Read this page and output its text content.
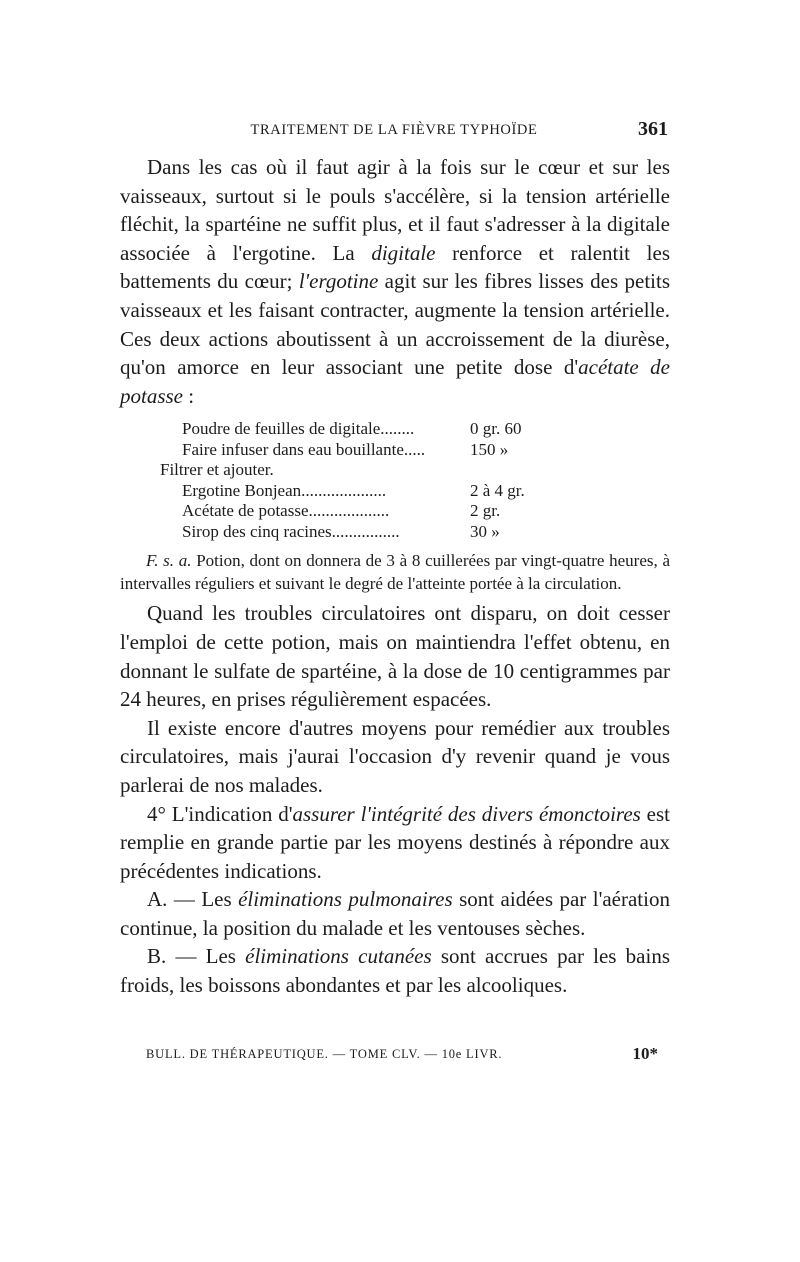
TRAITEMENT DE LA FIÈVRE TYPHOÏDE	361

Dans les cas où il faut agir à la fois sur le cœur et sur les vaisseaux, surtout si le pouls s'accélère, si la tension artérielle fléchit, la spartéine ne suffit plus, et il faut s'adresser à la digitale associée à l'ergotine. La digitale renforce et ralentit les battements du cœur; l'ergotine agit sur les fibres lisses des petits vaisseaux et les faisant contracter, augmente la tension artérielle. Ces deux actions aboutissent à un accroissement de la diurèse, qu'on amorce en leur associant une petite dose d'acétate de potasse :

Poudre de feuilles de digitale........	0 gr. 60
Faire infuser dans eau bouillante.....	150 »
Filtrer et ajouter.
Ergotine Bonjean....................	2 à 4 gr.
Acétate de potasse...................	2 gr.
Sirop des cinq racines................	30 »

F. s. a. Potion, dont on donnera de 3 à 8 cuillerées par vingt-quatre heures, à intervalles réguliers et suivant le degré de l'atteinte portée à la circulation.

Quand les troubles circulatoires ont disparu, on doit cesser l'emploi de cette potion, mais on maintiendra l'effet obtenu, en donnant le sulfate de spartéine, à la dose de 10 centigrammes par 24 heures, en prises régulièrement espacées.

Il existe encore d'autres moyens pour remédier aux troubles circulatoires, mais j'aurai l'occasion d'y revenir quand je vous parlerai de nos malades.

4° L'indication d'assurer l'intégrité des divers émonctoires est remplie en grande partie par les moyens destinés à répondre aux précédentes indications.

A. — Les éliminations pulmonaires sont aidées par l'aération continue, la position du malade et les ventouses sèches.

B. — Les éliminations cutanées sont accrues par les bains froids, les boissons abondantes et par les alcooliques.

BULL. DE THÉRAPEUTIQUE. — TOME CLV. — 10e LIVR.	10*
